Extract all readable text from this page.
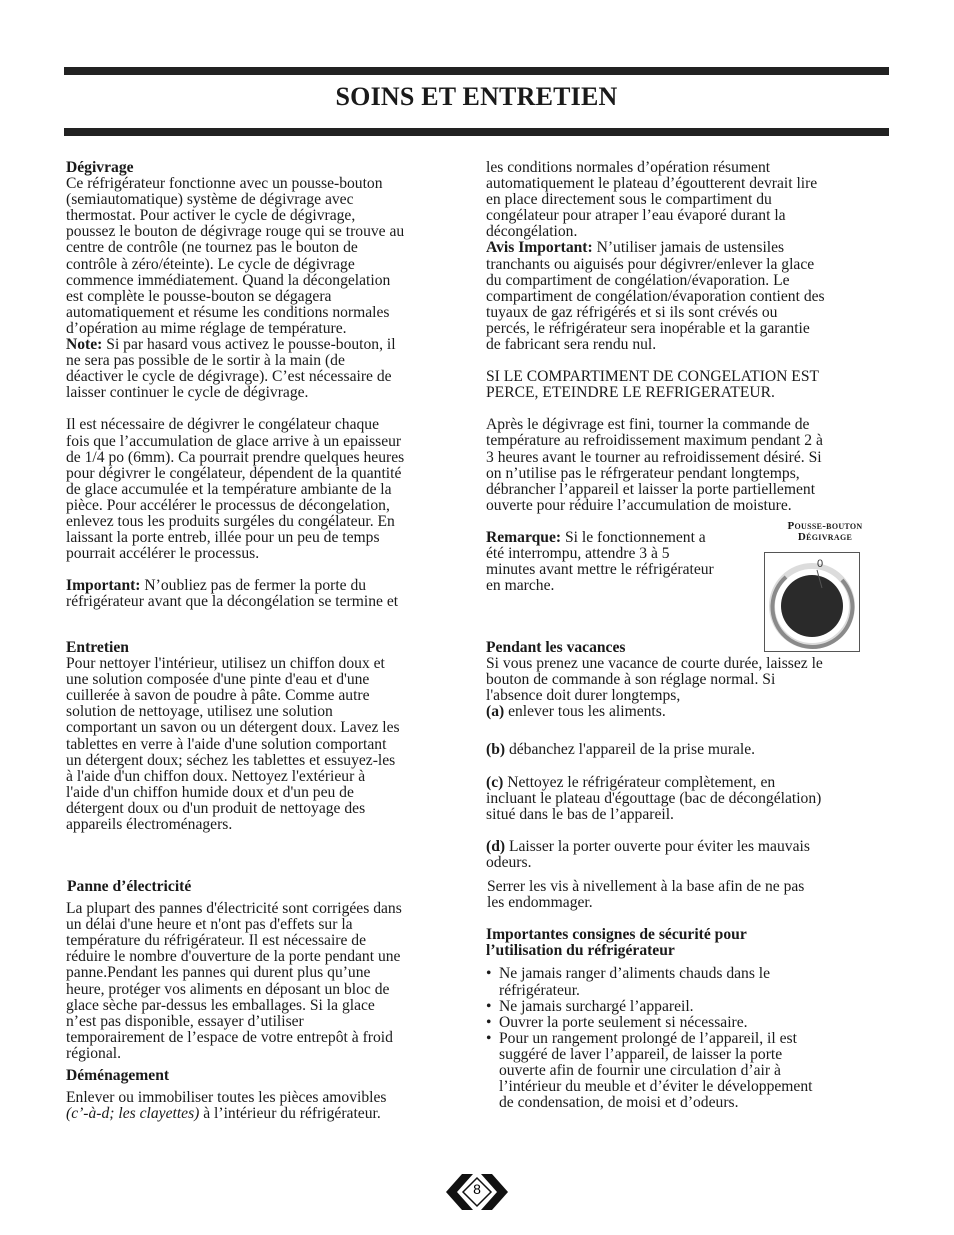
SOINS ET ENTRETIEN

Dégivrage

Ce réfrigérateur fonctionne avec un pousse-bouton

(semiautomatique) système de dégivrage avec

thermostat. Pour activer le cycle de dégivrage,

poussez le bouton de dégivrage rouge qui se trouve au

centre de contrôle (ne tournez pas le bouton de

contrôle à zéro/éteinte). Le cycle de dégivrage

commence immédiatement. Quand la décongelation

est complète le pousse-bouton se dégagera

automatiquement et résume les conditions normales

d’opération au mime réglage de température.

Note: Si par hasard vous activez le pousse-bouton, il

ne sera pas possible de le sortir à la main (de

déactiver le cycle de dégivrage). C’est nécessaire de

laisser continuer le cycle de dégivrage.

Il est nécessaire de dégivrer le congélateur chaque

fois que l’accumulation de glace arrive à un epaisseur

de 1/4 po (6mm). Ca pourrait prendre quelques heures

pour dégivrer le congélateur, dépendent de la quantité

de glace accumulée et la température ambiante de la

pièce. Pour accélérer le processus de décongelation,

enlevez tous les produits surgéles du congélateur. En

laissant la porte entreb, illée pour un peu de temps

pourrait accélérer le processus.

Important: N’oubliez pas de fermer la porte du

réfrigérateur avant que la décongélation se termine et

Entretien

Pour nettoyer l'intérieur, utilisez un chiffon doux et

une solution composée d'une pinte d'eau et d'une

cuillerée à savon de poudre à pâte. Comme autre

solution de nettoyage, utilisez une solution

comportant un savon ou un détergent doux. Lavez les

tablettes en verre à l'aide d'une solution comportant

un détergent doux; séchez les tablettes et essuyez-les

à l'aide d'un chiffon doux. Nettoyez l'extérieur à

l'aide d'un chiffon humide doux et d'un peu de

détergent doux ou d'un produit de nettoyage des

appareils électroménagers.

Panne d’électricité

La plupart des pannes d'électricité sont corrigées dans

un délai d'une heure et n'ont pas d'effets sur la

température du réfrigérateur. Il est nécessaire de

réduire le nombre d'ouverture de la porte pendant une

panne.Pendant les pannes qui durent plus qu’une

heure, protéger vos aliments en déposant un bloc de

glace sèche par-dessus les emballages. Si la glace

n’est pas disponible, essayer d’utiliser

temporairement de l’espace de votre entrepôt à froid

régional.

Déménagement

Enlever ou immobiliser toutes les pièces amovibles

(c’-à-d; les clayettes) à l’intérieur du réfrigérateur.

les conditions normales d’opération résument

automatiquement le plateau d’égoutterent devrait lire

en place directement sous le compartiment du

congélateur pour atraper l’eau évaporé durant la

décongélation.

Avis Important: N’utiliser jamais de ustensiles

tranchants ou aiguisés pour dégivrer/enlever la glace

du compartiment de congélation/évaporation. Le

compartiment de congélation/évaporation contient des

tuyaux de gaz réfrigérés et si ils sont crévés ou

percés, le réfrigérateur sera inopérable et la garantie

de fabricant sera rendu nul.

SI LE COMPARTIMENT DE CONGELATION EST

PERCE, ETEINDRE LE REFRIGERATEUR.

Après le dégivrage est fini, tourner la commande de

température au refroidissement maximum pendant 2 à

3 heures avant le tourner au refroidissement désiré. Si

on n’utilise pas le réfrgerateur pendant longtemps,

débrancher l’appareil et laisser la porte partiellement

ouverte pour réduire l’accumulation de moisture.

Remarque: Si le fonctionnement a

été interrompu, attendre 3 à 5

minutes avant mettre le réfrigérateur

en marche.

Pousse-bouton
Dégivrage
0

Pendant les vacances

Si vous prenez une vacance de courte durée, laissez le

bouton de commande à son réglage normal. Si

l'absence doit durer longtemps,

(a) enlever tous les aliments.

(b) débanchez l'appareil de la prise murale.

(c) Nettoyez le réfrigérateur complètement, en

incluant le plateau d'égouttage (bac de décongélation)

situé dans le bas de l’appareil.

(d) Laisser la porter ouverte pour éviter les mauvais

odeurs.

Serrer les vis à nivellement à la base afin de ne pas

les endommager.

Importantes consignes de sécurité pour

l’utilisation du réfrigérateur

• Ne jamais ranger d’aliments chauds dans le
réfrigérateur.
• Ne jamais surchargé l’appareil.
• Ouvrer la porte seulement si nécessaire.
• Pour un rangement prolongé de l’appareil, il est
suggéré de laver l’appareil, de laisser la porte
ouverte afin de fournir une circulation d’air à
l’intérieur du meuble et d’éviter le développement
de condensation, de moisi et d’odeurs.
8
